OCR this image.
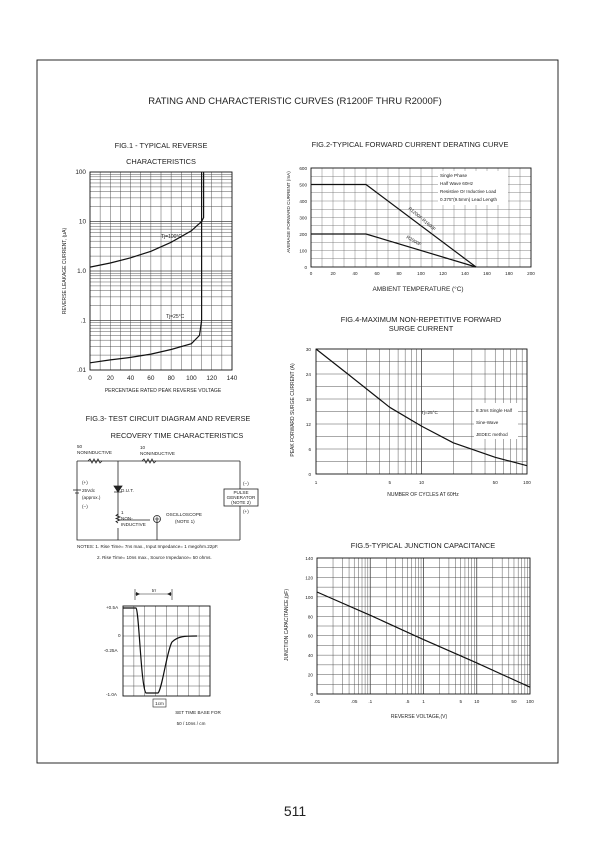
RATING AND CHARACTERISTIC CURVES (R1200F THRU R2000F)
FIG.1 - TYPICAL REVERSE
CHARACTERISTICS
100
10
1.0
.1
.01
0 20 40 60 80 100 120 140
Tj=100°C
Tj=25°C
REVERSE LEAKAGE CURRENT, (μA)
PERCENTAGE RATED PEAK REVERSE VOLTAGE
FIG.2-TYPICAL FORWARD CURRENT DERATING CURVE
600
500
400
300
200
100
0
0	20	40	60	80	100	120	140	160	180	200
Single Phase
Half Wave 60Hz
Resistive Or Inductive Load
0.375"(9.5mm) Lead Length
R1200F-R1600F
R2000F
AVERAGE FORWARD CURRENT (mA)
AMBIENT TEMPERATURE (°C)
FIG.3- TEST CIRCUIT DIAGRAM AND REVERSE
RECOVERY TIME CHARACTERISTICS
50
NONINDUCTIVE
10
NONINDUCTIVE
(+)
25Vdc
(approx.)
(−)
D.U.T.
1
NON-
INDUCTIVE
OSCILLOSCOPE
(NOTE 1)
(−)
PULSE
GENERATOR
(NOTE 2)
(+)
NOTES: 1. Rise Time= 7ns max., Input Impedance= 1 megohm.22pF.
2. Rise Time= 10ns max., Source Impedance= 50 ohms.
trr
+0.5A
0
-0.25A
-1.0A
1cm
SET TIME BASE FOR
50 / 10ns / cm
FIG.4-MAXIMUM NON-REPETITIVE FORWARD
SURGE CURRENT
30
24
18
12
6
0
1	5	10	50	100
Tj=25°C	8.3ms Single Half
Sine-Wave
JEDEC method
PEAK FORWARD SURGE CURRENT (A)
NUMBER OF CYCLES AT 60Hz
FIG.5-TYPICAL JUNCTION CAPACITANCE
140
120
100
80
60
40
20
0
.01	.05 .1	.5	1	5	10	50 100
JUNCTION CAPACITANCE,(pF)
REVERSE VOLTAGE,(V)
511
